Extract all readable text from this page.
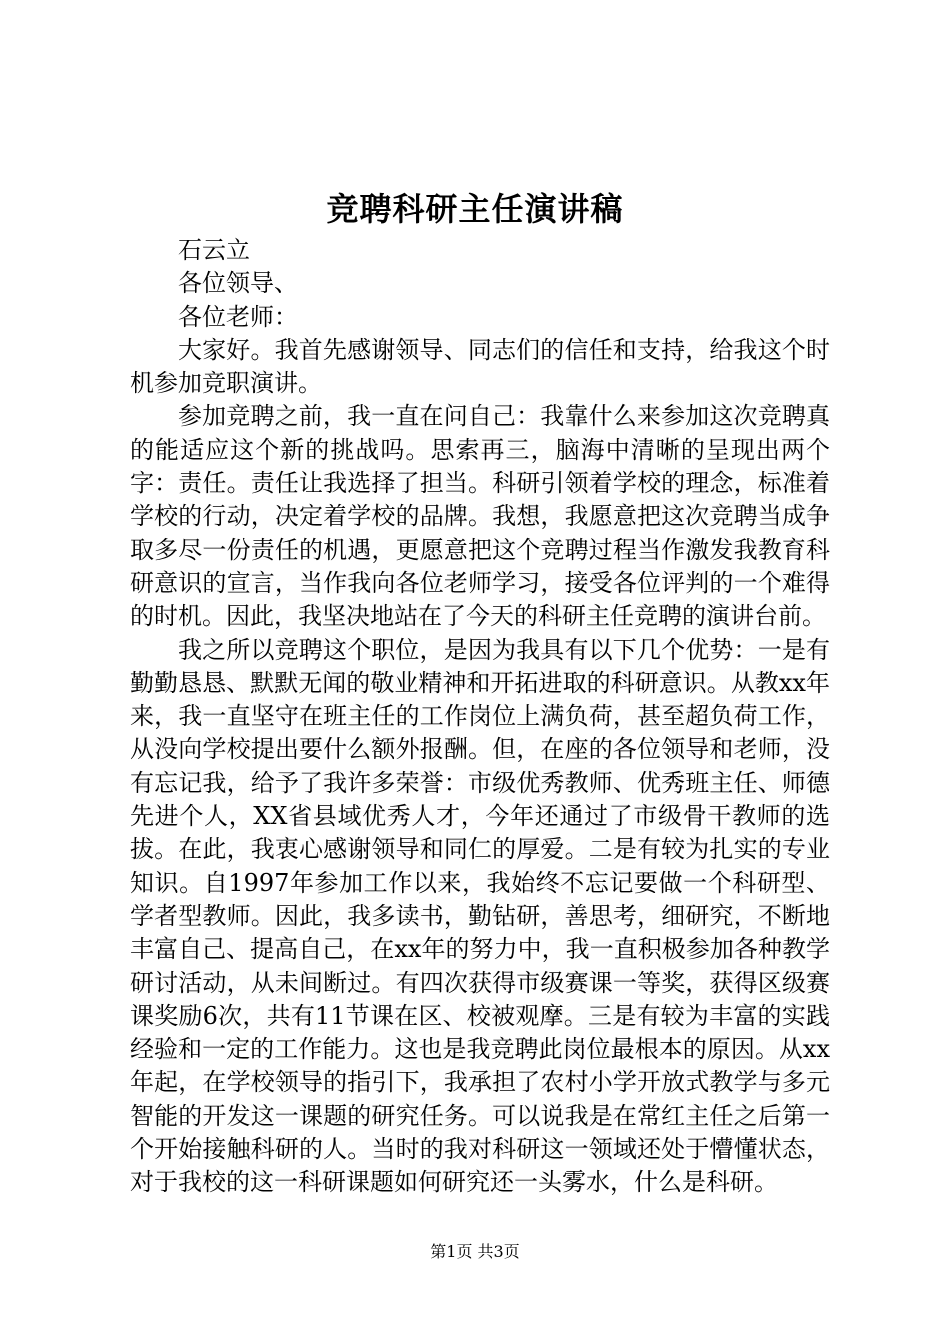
竞聘科研主任演讲稿

石云立

各位领导、

各位老师：

大家好。我首先感谢领导、同志们的信任和支持，给我这个时机参加竞职演讲。

参加竞聘之前，我一直在问自己：我靠什么来参加这次竞聘真的能适应这个新的挑战吗。思索再三，脑海中清晰的呈现出两个字：责任。责任让我选择了担当。科研引领着学校的理念，标准着学校的行动，决定着学校的品牌。我想，我愿意把这次竞聘当成争取多尽一份责任的机遇，更愿意把这个竞聘过程当作激发我教育科研意识的宣言，当作我向各位老师学习，接受各位评判的一个难得的时机。因此，我坚决地站在了今天的科研主任竞聘的演讲台前。

我之所以竞聘这个职位，是因为我具有以下几个优势：一是有勤勤恳恳、默默无闻的敬业精神和开拓进取的科研意识。从教xx年来，我一直坚守在班主任的工作岗位上满负荷，甚至超负荷工作，从没向学校提出要什么额外报酬。但，在座的各位领导和老师，没有忘记我，给予了我许多荣誉：市级优秀教师、优秀班主任、师德先进个人，XX省县域优秀人才，今年还通过了市级骨干教师的选拔。在此，我衷心感谢领导和同仁的厚爱。二是有较为扎实的专业知识。自1997年参加工作以来，我始终不忘记要做一个科研型、学者型教师。因此，我多读书，勤钻研，善思考，细研究，不断地丰富自己、提高自己，在xx年的努力中，我一直积极参加各种教学研讨活动，从未间断过。有四次获得市级赛课一等奖，获得区级赛课奖励6次，共有11节课在区、校被观摩。三是有较为丰富的实践经验和一定的工作能力。这也是我竞聘此岗位最根本的原因。从xx年起，在学校领导的指引下，我承担了农村小学开放式教学与多元智能的开发这一课题的研究任务。可以说我是在常红主任之后第一个开始接触科研的人。当时的我对科研这一领域还处于懵懂状态，对于我校的这一科研课题如何研究还一头雾水，什么是科研。

第1页 共3页
